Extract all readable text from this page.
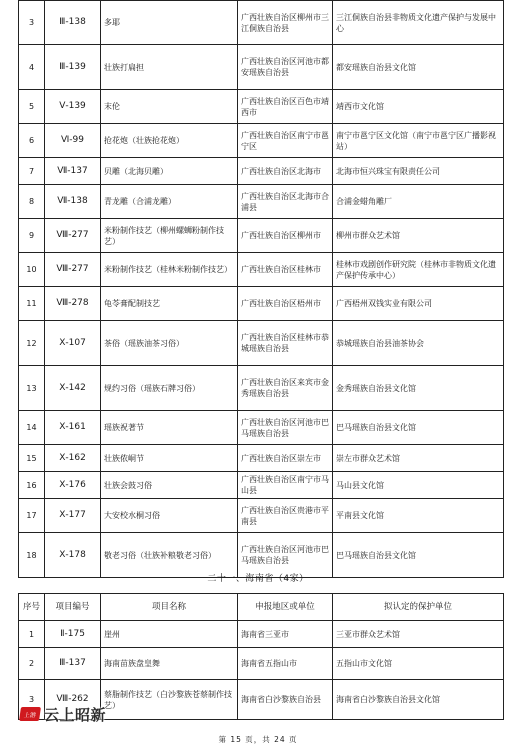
3	Ⅲ-138	多耶	广西壮族自治区柳州市三江侗族自治县	三江侗族自治县非物质文化遗产保护与发展中心
4	Ⅲ-139	壮族打扁担	广西壮族自治区河池市都安瑶族自治县	都安瑶族自治县文化馆
5	Ⅴ-139	末伦	广西壮族自治区百色市靖西市	靖西市文化馆
6	Ⅵ-99	抢花炮（壮族抢花炮）	广西壮族自治区南宁市邕宁区	南宁市邕宁区文化馆（南宁市邕宁区广播影视站）
7	Ⅶ-137	贝雕（北海贝雕）	广西壮族自治区北海市	北海市恒兴珠宝有限责任公司
8	Ⅶ-138	青龙雕（合浦龙雕）	广西壮族自治区北海市合浦县	合浦金蜡角雕厂
9	Ⅷ-277	米粉制作技艺（柳州螺蛳粉制作技艺）	广西壮族自治区柳州市	柳州市群众艺术馆
10	Ⅷ-277	米粉制作技艺（桂林米粉制作技艺）	广西壮族自治区桂林市	桂林市戏剧创作研究院（桂林市非物质文化遗产保护传承中心）
11	Ⅷ-278	龟苓膏配制技艺	广西壮族自治区梧州市	广西梧州双钱实业有限公司
12	Ⅹ-107	茶俗（瑶族油茶习俗）	广西壮族自治区桂林市恭城瑶族自治县	恭城瑶族自治县油茶协会
13	Ⅹ-142	规约习俗（瑶族石牌习俗）	广西壮族自治区来宾市金秀瑶族自治县	金秀瑶族自治县文化馆
14	Ⅹ-161	瑶族祝著节	广西壮族自治区河池市巴马瑶族自治县	巴马瑶族自治县文化馆
15	Ⅹ-162	壮族侬峒节	广西壮族自治区崇左市	崇左市群众艺术馆
16	Ⅹ-176	壮族会鼓习俗	广西壮族自治区南宁市马山县	马山县文化馆
17	Ⅹ-177	大安校水桐习俗	广西壮族自治区贵港市平南县	平南县文化馆
18	Ⅹ-178	敬老习俗（壮族补粮敬老习俗）	广西壮族自治区河池市巴马瑶族自治县	巴马瑶族自治县文化馆
二十一、海南省（4家）
序号	项目编号	项目名称	申报地区或单位	拟认定的保护单位
1	Ⅱ-175	崖州	海南省三亚市	三亚市群众艺术馆
2	Ⅲ-137	海南苗族盘皇舞	海南省五指山市	五指山市文化馆
3	Ⅷ-262	蔡脂制作技艺（白沙黎族苍蔡制作技艺）	海南省白沙黎族自治县	海南省白沙黎族自治县文化馆
上游 云上昭新
第 15 页，共 24 页
